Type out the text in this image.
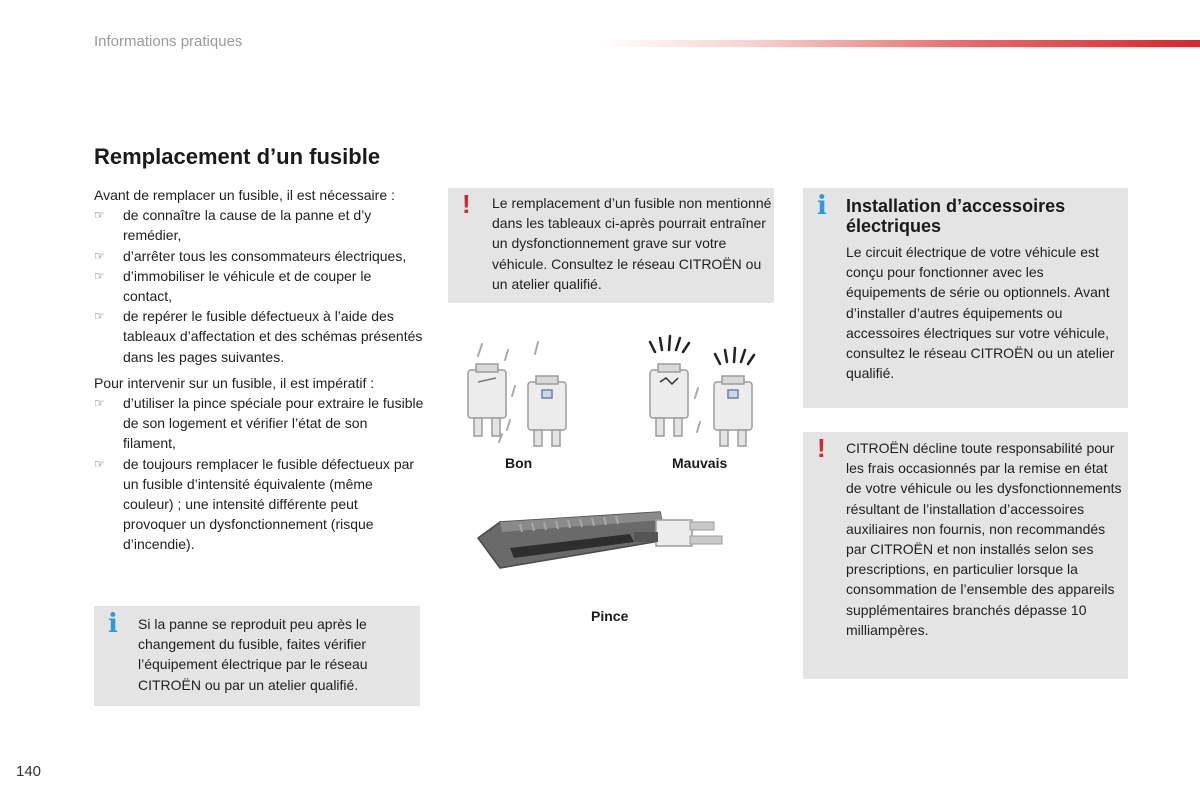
Informations pratiques
Remplacement d’un fusible

Avant de remplacer un fusible, il est nécessaire :

☞ de connaître la cause de la panne et d’y remédier,
☞ d’arrêter tous les consommateurs électriques,
☞ d’immobiliser le véhicule et de couper le contact,
☞ de repérer le fusible défectueux à l’aide des tableaux d’affectation et des schémas présentés dans les pages suivantes.

Pour intervenir sur un fusible, il est impératif :

☞ d’utiliser la pince spéciale pour extraire le fusible de son logement et vérifier l’état de son filament,
☞ de toujours remplacer le fusible défectueux par un fusible d’intensité équivalente (même couleur) ; une intensité différente peut provoquer un dysfonctionnement (risque d’incendie).
i Si la panne se reproduit peu après le changement du fusible, faites vérifier l’équipement électrique par le réseau CITROËN ou par un atelier qualifié.
! Le remplacement d’un fusible non mentionné dans les tableaux ci-après pourrait entraîner un dysfonctionnement grave sur votre véhicule. Consultez le réseau CITROËN ou un atelier qualifié.
Bon	Mauvais
Pince
i Installation d’accessoires électriques
Le circuit électrique de votre véhicule est conçu pour fonctionner avec les équipements de série ou optionnels. Avant d’installer d’autres équipements ou accessoires électriques sur votre véhicule, consultez le réseau CITROËN ou un atelier qualifié.
! CITROËN décline toute responsabilité pour les frais occasionnés par la remise en état de votre véhicule ou les dysfonctionnements résultant de l’installation d’accessoires auxiliaires non fournis, non recommandés par CITROËN et non installés selon ses prescriptions, en particulier lorsque la consommation de l’ensemble des appareils supplémentaires branchés dépasse 10 milliampères.
140
